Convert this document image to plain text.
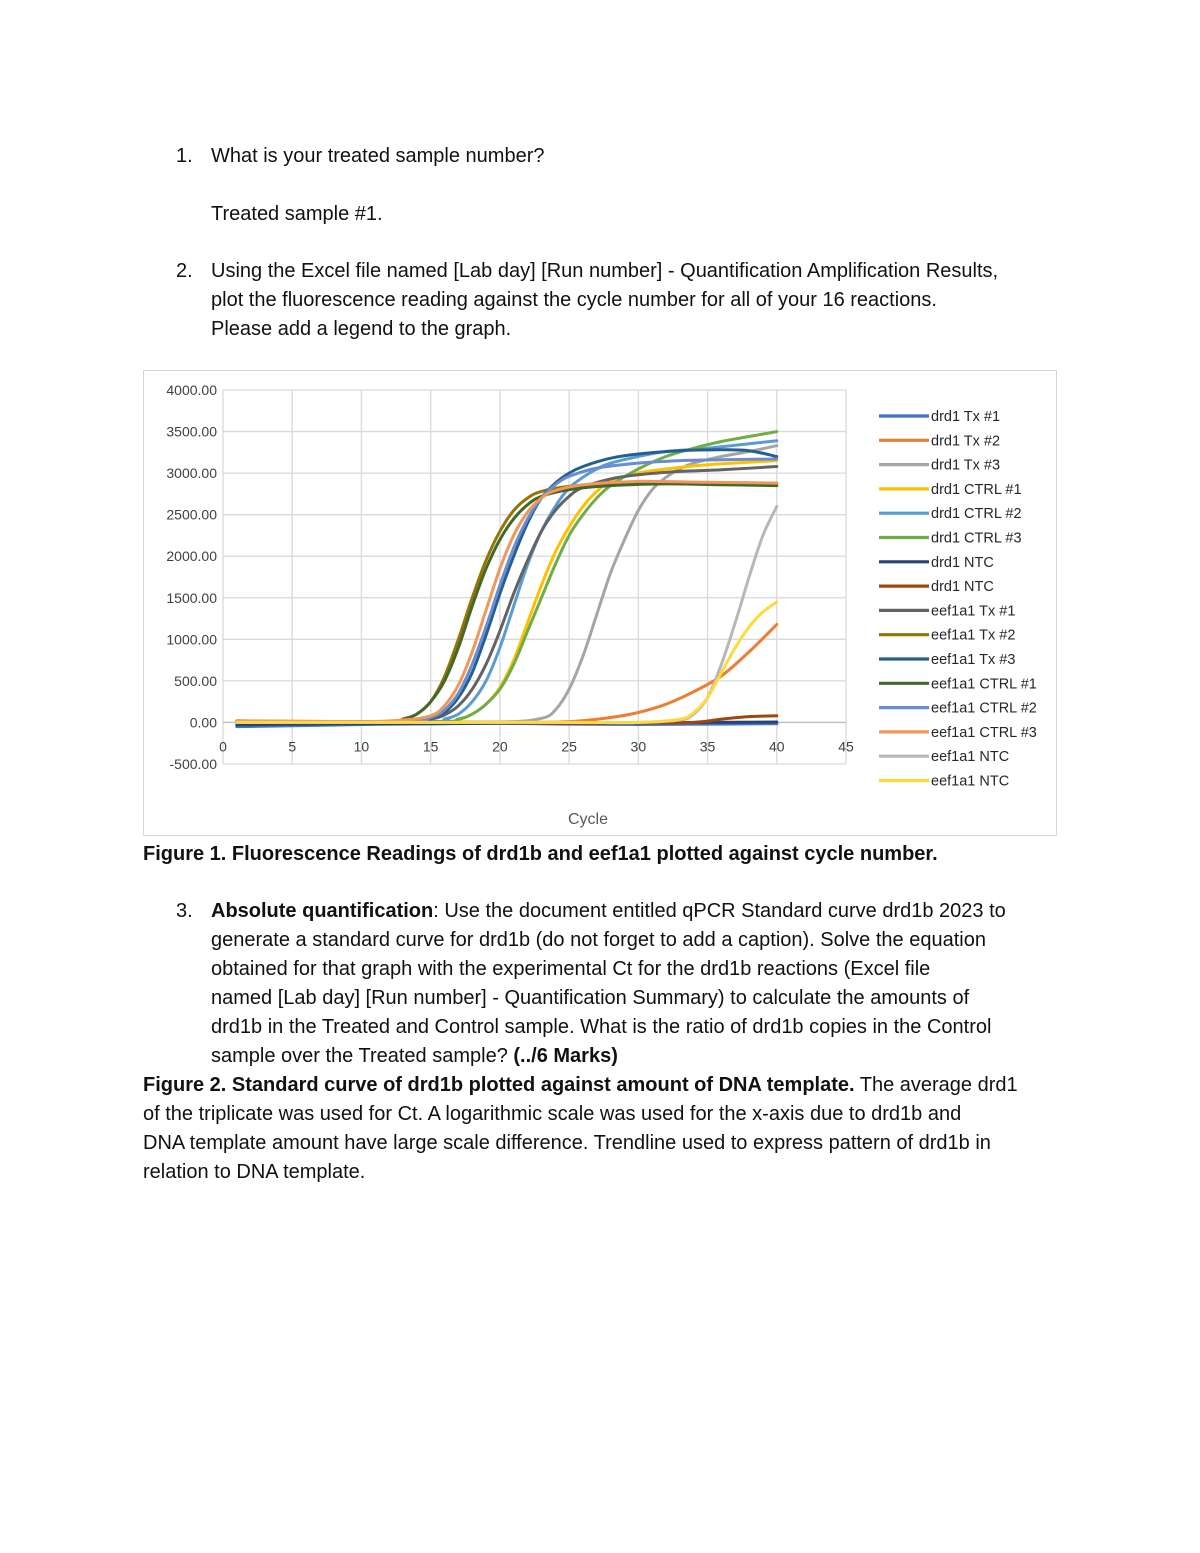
1. What is your treated sample number?
Treated sample #1.
2. Using the Excel file named [Lab day] [Run number] - Quantification Amplification Results,
plot the fluorescence reading against the cycle number for all of your 16 reactions.
Please add a legend to the graph.
-500.00
0.00
500.00
1000.00
1500.00
2000.00
2500.00
3000.00
3500.00
4000.00
0	5	10	15	20	25	30	35	40	45
drd1 Tx #1
drd1 Tx #2
drd1 Tx #3
drd1 CTRL #1
drd1 CTRL #2
drd1 CTRL #3
drd1 NTC
drd1 NTC
eef1a1 Tx #1
eef1a1 Tx #2
eef1a1 Tx #3
eef1a1 CTRL #1
eef1a1 CTRL #2
eef1a1 CTRL #3
eef1a1 NTC
eef1a1 NTC
Cycle
Figure 1. Fluorescence Readings of drd1b and eef1a1 plotted against cycle number.
3. Absolute quantification: Use the document entitled qPCR Standard curve drd1b 2023 to
generate a standard curve for drd1b (do not forget to add a caption). Solve the equation
obtained for that graph with the experimental Ct for the drd1b reactions (Excel file
named [Lab day] [Run number] - Quantification Summary) to calculate the amounts of
drd1b in the Treated and Control sample. What is the ratio of drd1b copies in the Control
sample over the Treated sample? (../6 Marks)
Figure 2. Standard curve of drd1b plotted against amount of DNA template. The average drd1
of the triplicate was used for Ct. A logarithmic scale was used for the x-axis due to drd1b and
DNA template amount have large scale difference. Trendline used to express pattern of drd1b in
relation to DNA template.
